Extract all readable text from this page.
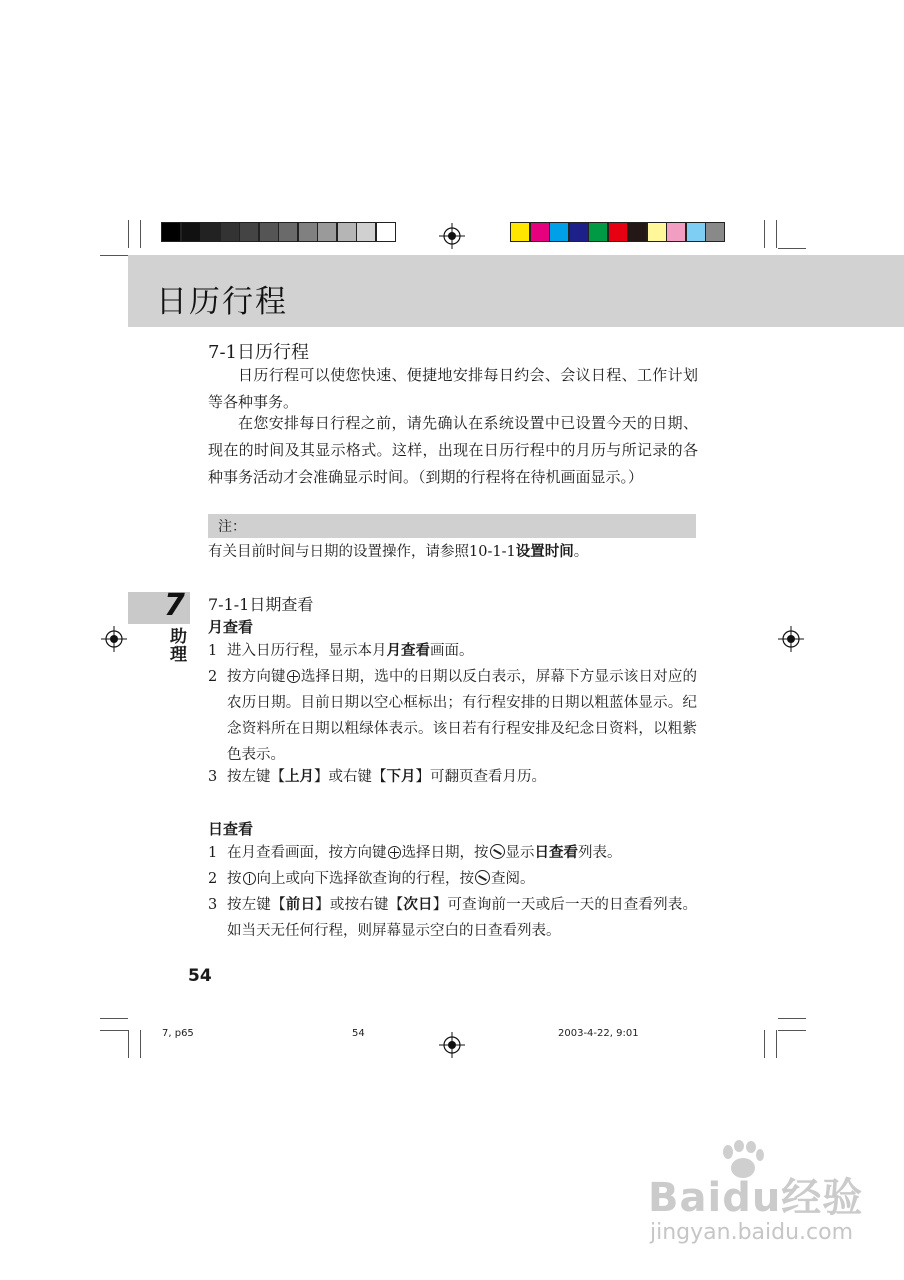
日历行程
7-1日历行程

日历行程可以使您快速、便捷地安排每日约会、会议日程、工作计划等各种事务。

在您安排每日行程之前，请先确认在系统设置中已设置今天的日期、现在的时间及其显示格式。这样，出现在日历行程中的月历与所记录的各种事务活动才会准确显示时间。（到期的行程将在待机画面显示。）

注：
有关目前时间与日期的设置操作，请参照10-1-1设置时间。
7
助
理
7-1-1日期查看
月查看
1 进入日历行程，显示本月月查看画面。
2 按方向键 选择日期，选中的日期以反白表示，屏幕下方显示该日对应的农历日期。目前日期以空心框标出；有行程安排的日期以粗蓝体显示。纪念资料所在日期以粗绿体表示。该日若有行程安排及纪念日资料，以粗紫色表示。
3 按左键【上月】或右键【下月】可翻页查看月历。
日查看
1 在月查看画面，按方向键 选择日期，按 显示日查看列表。
2 按 向上或向下选择欲查询的行程，按 查阅。
3 按左键【前日】或按右键【次日】可查询前一天或后一天的日查看列表。如当天无任何行程，则屏幕显示空白的日查看列表。
54
7, p65	54	2003-4-22, 9:01
Baidu经验
jingyan.baidu.com
